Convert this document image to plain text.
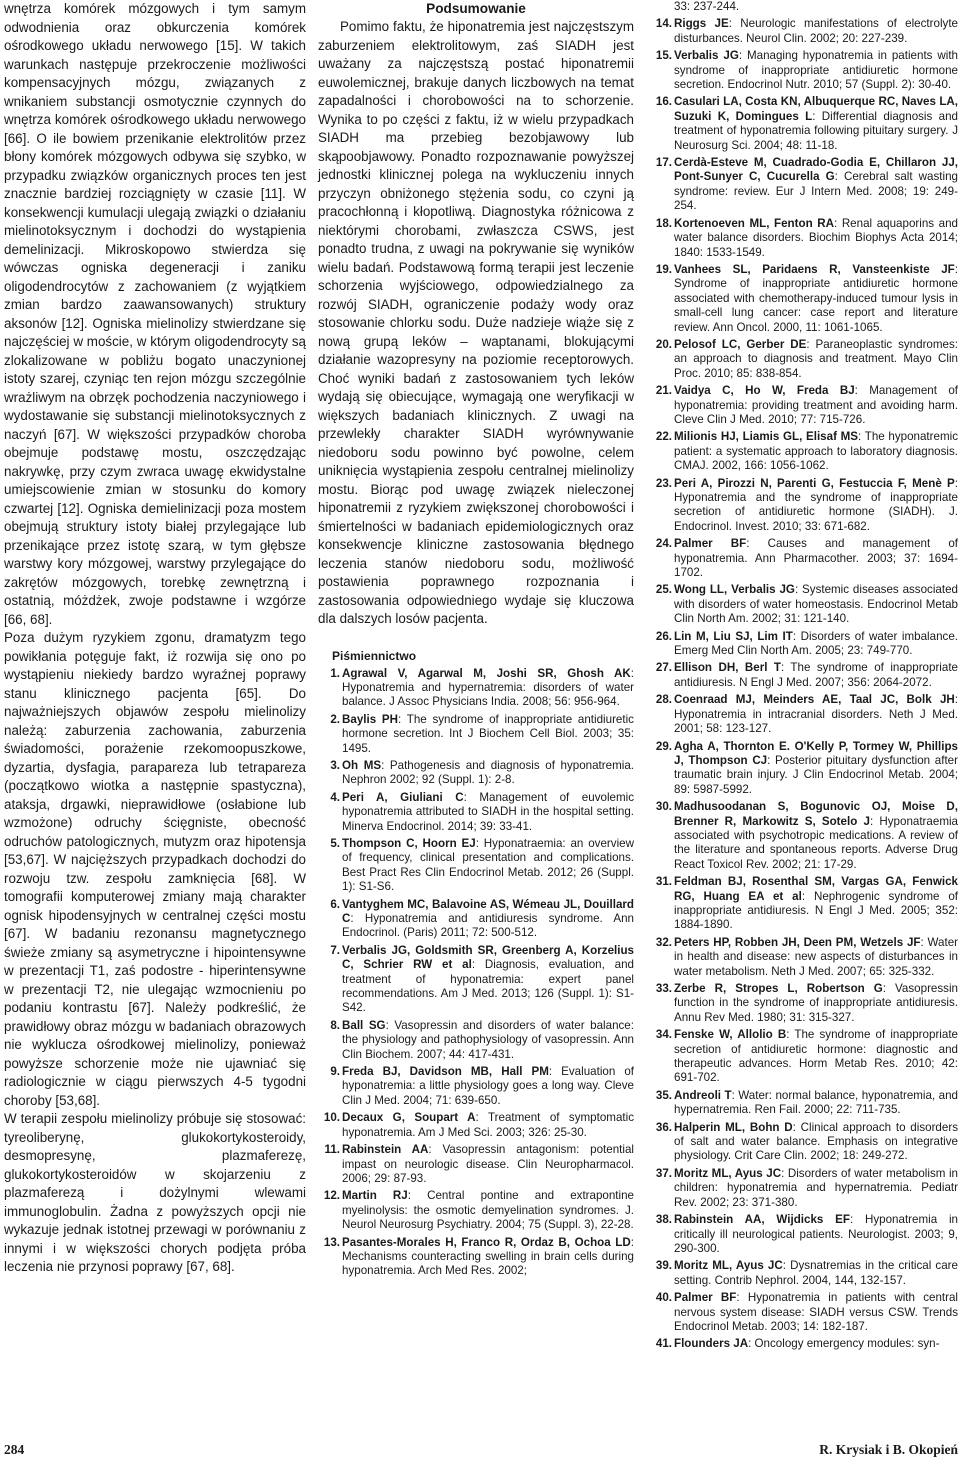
wnętrza komórek mózgowych i tym samym odwodnienia oraz obkurczenia komórek ośrodkowego układu nerwowego [15]. W takich warunkach następuje przekroczenie możliwości kompensacyjnych mózgu, związanych z wnikaniem substancji osmotycznie czynnych do wnętrza komórek ośrodkowego układu nerwowego [66]. O ile bowiem przenikanie elektrolitów przez błony komórek mózgowych odbywa się szybko, w przypadku związków organicznych proces ten jest znacznie bardziej rozciągnięty w czasie [11]. W konsekwencji kumulacji ulegają związki o działaniu mielinotoksycznym i dochodzi do wystąpienia demelinizacji. Mikroskopowo stwierdza się wówczas ogniska degeneracji i zaniku oligodendrocytów z zachowaniem (z wyjątkiem zmian bardzo zaawansowanych) struktury aksonów [12]. Ogniska mielinolizy stwierdzane się najczęściej w moście, w którym oligodendrocyty są zlokalizowane w pobliżu bogato unaczynionej istoty szarej, czyniąc ten rejon mózgu szczególnie wrażliwym na obrzęk pochodzenia naczyniowego i wydostawanie się substancji mielinotoksycznych z naczyń [67]. W większości przypadków choroba obejmuje podstawę mostu, oszczędzając nakrywkę, przy czym zwraca uwagę ekwidystalne umiejscowienie zmian w stosunku do komory czwartej [12]. Ogniska demielinizacji poza mostem obejmują struktury istoty białej przylegające lub przenikające przez istotę szarą, w tym głębsze warstwy kory mózgowej, warstwy przylegające do zakrętów mózgowych, torebkę zewnętrzną i ostatnią, móżdżek, zwoje podstawne i wzgórze [66, 68].

Poza dużym ryzykiem zgonu, dramatyzm tego powikłania potęguje fakt, iż rozwija się ono po wystąpieniu niekiedy bardzo wyraźnej poprawy stanu klinicznego pacjenta [65]. Do najważniejszych objawów zespołu mielinolizy należą: zaburzenia zachowania, zaburzenia świadomości, porażenie rzekomoopuszkowe, dyzartia, dysfagia, parapareza lub tetrapareza (początkowo wiotka a następnie spastyczna), ataksja, drgawki, nieprawidłowe (osłabione lub wzmożone) odruchy ścięgniste, obecność odruchów patologicznych, mutyzm oraz hipotensja [53,67]. W najcięższych przypadkach dochodzi do rozwoju tzw. zespołu zamknięcia [68]. W tomografii komputerowej zmiany mają charakter ognisk hipodensyjnych w centralnej części mostu [67]. W badaniu rezonansu magnetycznego świeże zmiany są asymetryczne i hipointensywne w prezentacji T1, zaś podostre - hiperintensywne w prezentacji T2, nie ulegając wzmocnieniu po podaniu kontrastu [67]. Należy podkreślić, że prawidłowy obraz mózgu w badaniach obrazowych nie wyklucza ośrodkowej mielinolizy, ponieważ powyższe schorzenie może nie ujawniać się radiologicznie w ciągu pierwszych 4-5 tygodni choroby [53,68].

W terapii zespołu mielinolizy próbuje się stosować: tyreoliberynę, glukokortykosteroidy, desmopresynę, plazmaferezę, glukokortykosteroidów w skojarzeniu z plazmaferezą i dożylnymi wlewami immunoglobulin. Żadna z powyższych opcji nie wykazuje jednak istotnej przewagi w porównaniu z innymi i w większości chorych podjęta próba leczenia nie przynosi poprawy [67, 68].

Podsumowanie

Pomimo faktu, że hiponatremia jest najczęstszym zaburzeniem elektrolitowym, zaś SIADH jest uważany za najczęstszą postać hiponatremii euwolemicznej, brakuje danych liczbowych na temat zapadalności i chorobowości na to schorzenie. Wynika to po części z faktu, iż w wielu przypadkach SIADH ma przebieg bezobjawowy lub skąpoobjawowy. Ponadto rozpoznawanie powyższej jednostki klinicznej polega na wykluczeniu innych przyczyn obniżonego stężenia sodu, co czyni ją pracochłonną i kłopotliwą. Diagnostyka różnicowa z niektórymi chorobami, zwłaszcza CSWS, jest ponadto trudna, z uwagi na pokrywanie się wyników wielu badań. Podstawową formą terapii jest leczenie schorzenia wyjściowego, odpowiedzialnego za rozwój SIADH, ograniczenie podaży wody oraz stosowanie chlorku sodu. Duże nadzieje wiąże się z nową grupą leków – waptanami, blokującymi działanie wazopresyny na poziomie receptorowych. Choć wyniki badań z zastosowaniem tych leków wydają się obiecujące, wymagają one weryfikacji w większych badaniach klinicznych. Z uwagi na przewlekły charakter SIADH wyrównywanie niedoboru sodu powinno być powolne, celem uniknięcia wystąpienia zespołu centralnej mielinolizy mostu. Biorąc pod uwagę związek nieleczonej hiponatremii z ryzykiem zwiększonej chorobowości i śmiertelności w badaniach epidemiologicznych oraz konsekwencje kliniczne zastosowania błędnego leczenia stanów niedoboru sodu, możliwość postawienia poprawnego rozpoznania i zastosowania odpowiedniego wydaje się kluczowa dla dalszych losów pacjenta.

Piśmiennictwo
1. Agrawal V, Agarwal M, Joshi SR, Ghosh AK: Hyponatremia and hypernatremia: disorders of water balance. J Assoc Physicians India. 2008; 56: 956-964.
2. Baylis PH: The syndrome of inappropriate antidiuretic hormone secretion. Int J Biochem Cell Biol. 2003; 35: 1495.
3. Oh MS: Pathogenesis and diagnosis of hyponatremia. Nephron 2002; 92 (Suppl. 1): 2-8.
4. Peri A, Giuliani C: Management of euvolemic hyponatremia attributed to SIADH in the hospital setting. Minerva Endocrinol. 2014; 39: 33-41.
5. Thompson C, Hoorn EJ: Hyponatraemia: an overview of frequency, clinical presentation and complications. Best Pract Res Clin Endocrinol Metab. 2012; 26 (Suppl. 1): S1-S6.
6. Vantyghem MC, Balavoine AS, Wémeau JL, Douillard C: Hyponatremia and antidiuresis syndrome. Ann Endocrinol. (Paris) 2011; 72: 500-512.
7. Verbalis JG, Goldsmith SR, Greenberg A, Korzelius C, Schrier RW et al: Diagnosis, evaluation, and treatment of hyponatremia: expert panel recommendations. Am J Med. 2013; 126 (Suppl. 1): S1-S42.
8. Ball SG: Vasopressin and disorders of water balance: the physiology and pathophysiology of vasopressin. Ann Clin Biochem. 2007; 44: 417-431.
9. Freda BJ, Davidson MB, Hall PM: Evaluation of hyponatremia: a little physiology goes a long way. Cleve Clin J Med. 2004; 71: 639-650.
10. Decaux G, Soupart A: Treatment of symptomatic hyponatremia. Am J Med Sci. 2003; 326: 25-30.
11. Rabinstein AA: Vasopressin antagonism: potential impast on neurologic disease. Clin Neuropharmacol. 2006; 29: 87-93.
12. Martin RJ: Central pontine and extrapontine myelinolysis: the osmotic demyelination syndromes. J. Neurol Neurosurg Psychiatry. 2004; 75 (Suppl. 3), 22-28.
13. Pasantes-Morales H, Franco R, Ordaz B, Ochoa LD: Mechanisms counteracting swelling in brain cells during hyponatremia. Arch Med Res. 2002;
33: 237-244.
14. Riggs JE: Neurologic manifestations of electrolyte disturbances. Neurol Clin. 2002; 20: 227-239.
15. Verbalis JG: Managing hyponatremia in patients with syndrome of inappropriate antidiuretic hormone secretion. Endocrinol Nutr. 2010; 57 (Suppl. 2): 30-40.
16. Casulari LA, Costa KN, Albuquerque RC, Naves LA, Suzuki K, Domingues L: Differential diagnosis and treatment of hyponatremia following pituitary surgery. J Neurosurg Sci. 2004; 48: 11-18.
17. Cerdà-Esteve M, Cuadrado-Godia E, Chillaron JJ, Pont-Sunyer C, Cucurella G: Cerebral salt wasting syndrome: review. Eur J Intern Med. 2008; 19: 249-254.
18. Kortenoeven ML, Fenton RA: Renal aquaporins and water balance disorders. Biochim Biophys Acta 2014; 1840: 1533-1549.
19. Vanhees SL, Paridaens R, Vansteenkiste JF: Syndrome of inappropriate antidiuretic hormone associated with chemotherapy-induced tumour lysis in small-cell lung cancer: case report and literature review. Ann Oncol. 2000, 11: 1061-1065.
20. Pelosof LC, Gerber DE: Paraneoplastic syndromes: an approach to diagnosis and treatment. Mayo Clin Proc. 2010; 85: 838-854.
21. Vaidya C, Ho W, Freda BJ: Management of hyponatremia: providing treatment and avoiding harm. Cleve Clin J Med. 2010; 77: 715-726.
22. Milionis HJ, Liamis GL, Elisaf MS: The hyponatremic patient: a systematic approach to laboratory diagnosis. CMAJ. 2002, 166: 1056-1062.
23. Peri A, Pirozzi N, Parenti G, Festuccia F, Menè P: Hyponatremia and the syndrome of inappropriate secretion of antidiuretic hormone (SIADH). J. Endocrinol. Invest. 2010; 33: 671-682.
24. Palmer BF: Causes and management of hyponatremia. Ann Pharmacother. 2003; 37: 1694-1702.
25. Wong LL, Verbalis JG: Systemic diseases associated with disorders of water homeostasis. Endocrinol Metab Clin North Am. 2002; 31: 121-140.
26. Lin M, Liu SJ, Lim IT: Disorders of water imbalance. Emerg Med Clin North Am. 2005; 23: 749-770.
27. Ellison DH, Berl T: The syndrome of inappropriate antidiuresis. N Engl J Med. 2007; 356: 2064-2072.
28. Coenraad MJ, Meinders AE, Taal JC, Bolk JH: Hyponatremia in intracranial disorders. Neth J Med. 2001; 58: 123-127.
29. Agha A, Thornton E. O'Kelly P, Tormey W, Phillips J, Thompson CJ: Posterior pituitary dysfunction after traumatic brain injury. J Clin Endocrinol Metab. 2004; 89: 5987-5992.
30. Madhusoodanan S, Bogunovic OJ, Moise D, Brenner R, Markowitz S, Sotelo J: Hyponatraemia associated with psychotropic medications. A review of the literature and spontaneous reports. Adverse Drug React Toxicol Rev. 2002; 21: 17-29.
31. Feldman BJ, Rosenthal SM, Vargas GA, Fenwick RG, Huang EA et al: Nephrogenic syndrome of inappropriate antidiuresis. N Engl J Med. 2005; 352: 1884-1890.
32. Peters HP, Robben JH, Deen PM, Wetzels JF: Water in health and disease: new aspects of disturbances in water metabolism. Neth J Med. 2007; 65: 325-332.
33. Zerbe R, Stropes L, Robertson G: Vasopressin function in the syndrome of inappropriate antidiuresis. Annu Rev Med. 1980; 31: 315-327.
34. Fenske W, Allolio B: The syndrome of inappropriate secretion of antidiuretic hormone: diagnostic and therapeutic advances. Horm Metab Res. 2010; 42: 691-702.
35. Andreoli T: Water: normal balance, hyponatremia, and hypernatremia. Ren Fail. 2000; 22: 711-735.
36. Halperin ML, Bohn D: Clinical approach to disorders of salt and water balance. Emphasis on integrative physiology. Crit Care Clin. 2002; 18: 249-272.
37. Moritz ML, Ayus JC: Disorders of water metabolism in children: hyponatremia and hypernatremia. Pediatr Rev. 2002; 23: 371-380.
38. Rabinstein AA, Wijdicks EF: Hyponatremia in critically ill neurological patients. Neurologist. 2003; 9, 290-300.
39. Moritz ML, Ayus JC: Dysnatremias in the critical care setting. Contrib Nephrol. 2004, 144, 132-157.
40. Palmer BF: Hyponatremia in patients with central nervous system disease: SIADH versus CSW. Trends Endocrinol Metab. 2003; 14: 182-187.
41. Flounders JA: Oncology emergency modules: syn-
284	R. Krysiak i B. Okopień
